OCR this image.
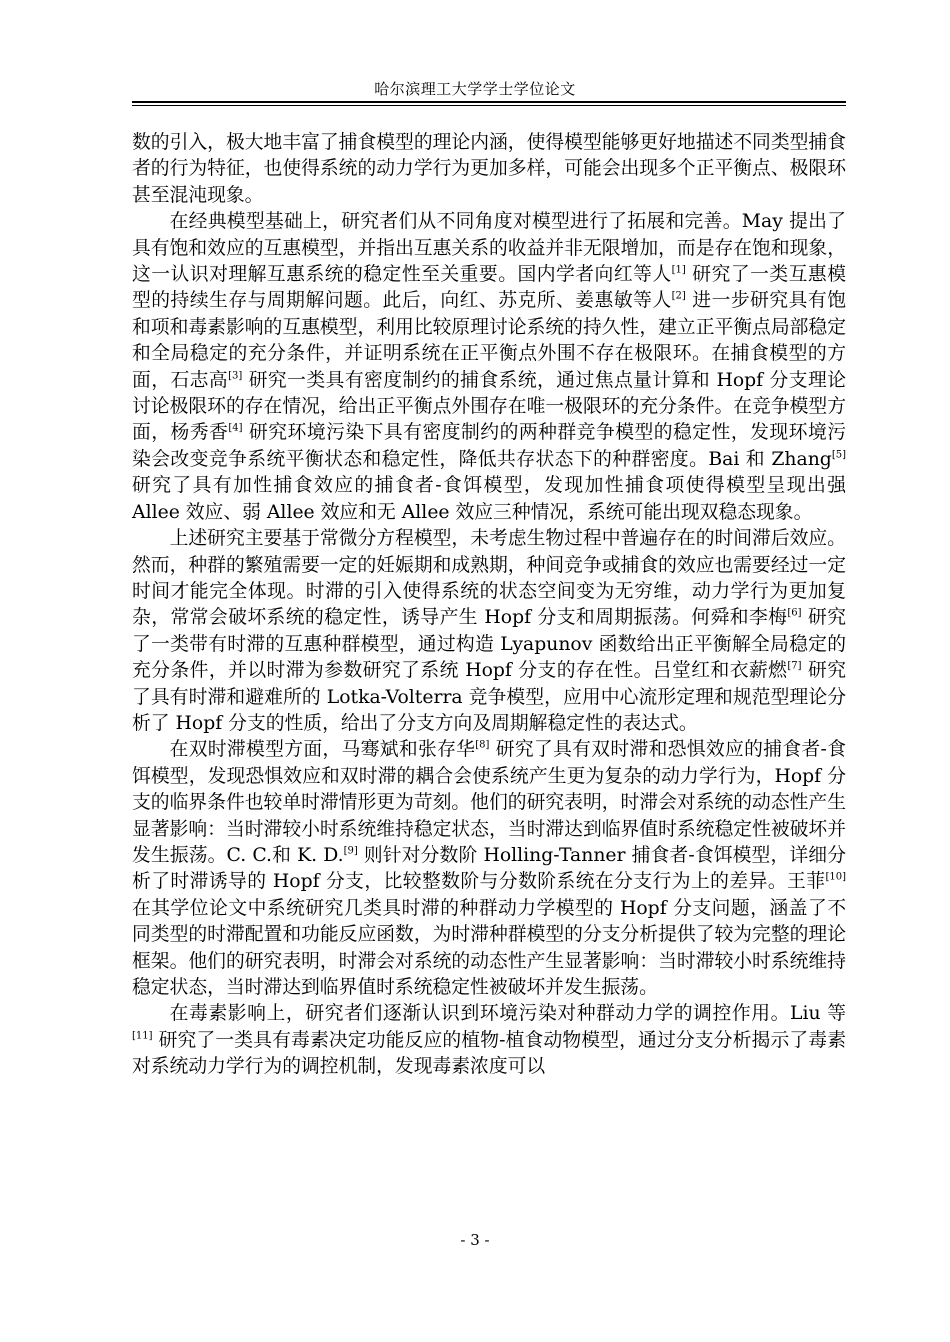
哈尔滨理工大学学士学位论文

数的引入，极大地丰富了捕食模型的理论内涵，使得模型能够更好地描述不同类型捕食者的行为特征，也使得系统的动力学行为更加多样，可能会出现多个正平衡点、极限环甚至混沌现象。

在经典模型基础上，研究者们从不同角度对模型进行了拓展和完善。May 提出了具有饱和效应的互惠模型，并指出互惠关系的收益并非无限增加，而是存在饱和现象，这一认识对理解互惠系统的稳定性至关重要。国内学者向红等人[1] 研究了一类互惠模型的持续生存与周期解问题。此后，向红、苏克所、姜惠敏等人[2] 进一步研究具有饱和项和毒素影响的互惠模型，利用比较原理讨论系统的持久性，建立正平衡点局部稳定和全局稳定的充分条件，并证明系统在正平衡点外围不存在极限环。在捕食模型的方面，石志高[3] 研究一类具有密度制约的捕食系统，通过焦点量计算和 Hopf 分支理论讨论极限环的存在情况，给出正平衡点外围存在唯一极限环的充分条件。在竞争模型方面，杨秀香[4] 研究环境污染下具有密度制约的两种群竞争模型的稳定性，发现环境污染会改变竞争系统平衡状态和稳定性，降低共存状态下的种群密度。Bai 和 Zhang[5] 研究了具有加性捕食效应的捕食者-食饵模型，发现加性捕食项使得模型呈现出强 Allee 效应、弱 Allee 效应和无 Allee 效应三种情况，系统可能出现双稳态现象。

上述研究主要基于常微分方程模型，未考虑生物过程中普遍存在的时间滞后效应。然而，种群的繁殖需要一定的妊娠期和成熟期，种间竞争或捕食的效应也需要经过一定时间才能完全体现。时滞的引入使得系统的状态空间变为无穷维，动力学行为更加复杂，常常会破坏系统的稳定性，诱导产生 Hopf 分支和周期振荡。何舜和李梅[6] 研究了一类带有时滞的互惠种群模型，通过构造 Lyapunov 函数给出正平衡解全局稳定的充分条件，并以时滞为参数研究了系统 Hopf 分支的存在性。吕堂红和衣薪燃[7] 研究了具有时滞和避难所的 Lotka-Volterra 竞争模型，应用中心流形定理和规范型理论分析了 Hopf 分支的性质，给出了分支方向及周期解稳定性的表达式。

在双时滞模型方面，马骞斌和张存华[8] 研究了具有双时滞和恐惧效应的捕食者-食饵模型，发现恐惧效应和双时滞的耦合会使系统产生更为复杂的动力学行为，Hopf 分支的临界条件也较单时滞情形更为苛刻。他们的研究表明，时滞会对系统的动态性产生显著影响：当时滞较小时系统维持稳定状态，当时滞达到临界值时系统稳定性被破坏并发生振荡。C. C.和 K. D.[9] 则针对分数阶 Holling-Tanner 捕食者-食饵模型，详细分析了时滞诱导的 Hopf 分支，比较整数阶与分数阶系统在分支行为上的差异。王菲[10] 在其学位论文中系统研究几类具时滞的种群动力学模型的 Hopf 分支问题，涵盖了不同类型的时滞配置和功能反应函数，为时滞种群模型的分支分析提供了较为完整的理论框架。他们的研究表明，时滞会对系统的动态性产生显著影响：当时滞较小时系统维持稳定状态，当时滞达到临界值时系统稳定性被破坏并发生振荡。

在毒素影响上，研究者们逐渐认识到环境污染对种群动力学的调控作用。Liu 等[11] 研究了一类具有毒素决定功能反应的植物-植食动物模型，通过分支分析揭示了毒素对系统动力学行为的调控机制，发现毒素浓度可以

- 3 -
